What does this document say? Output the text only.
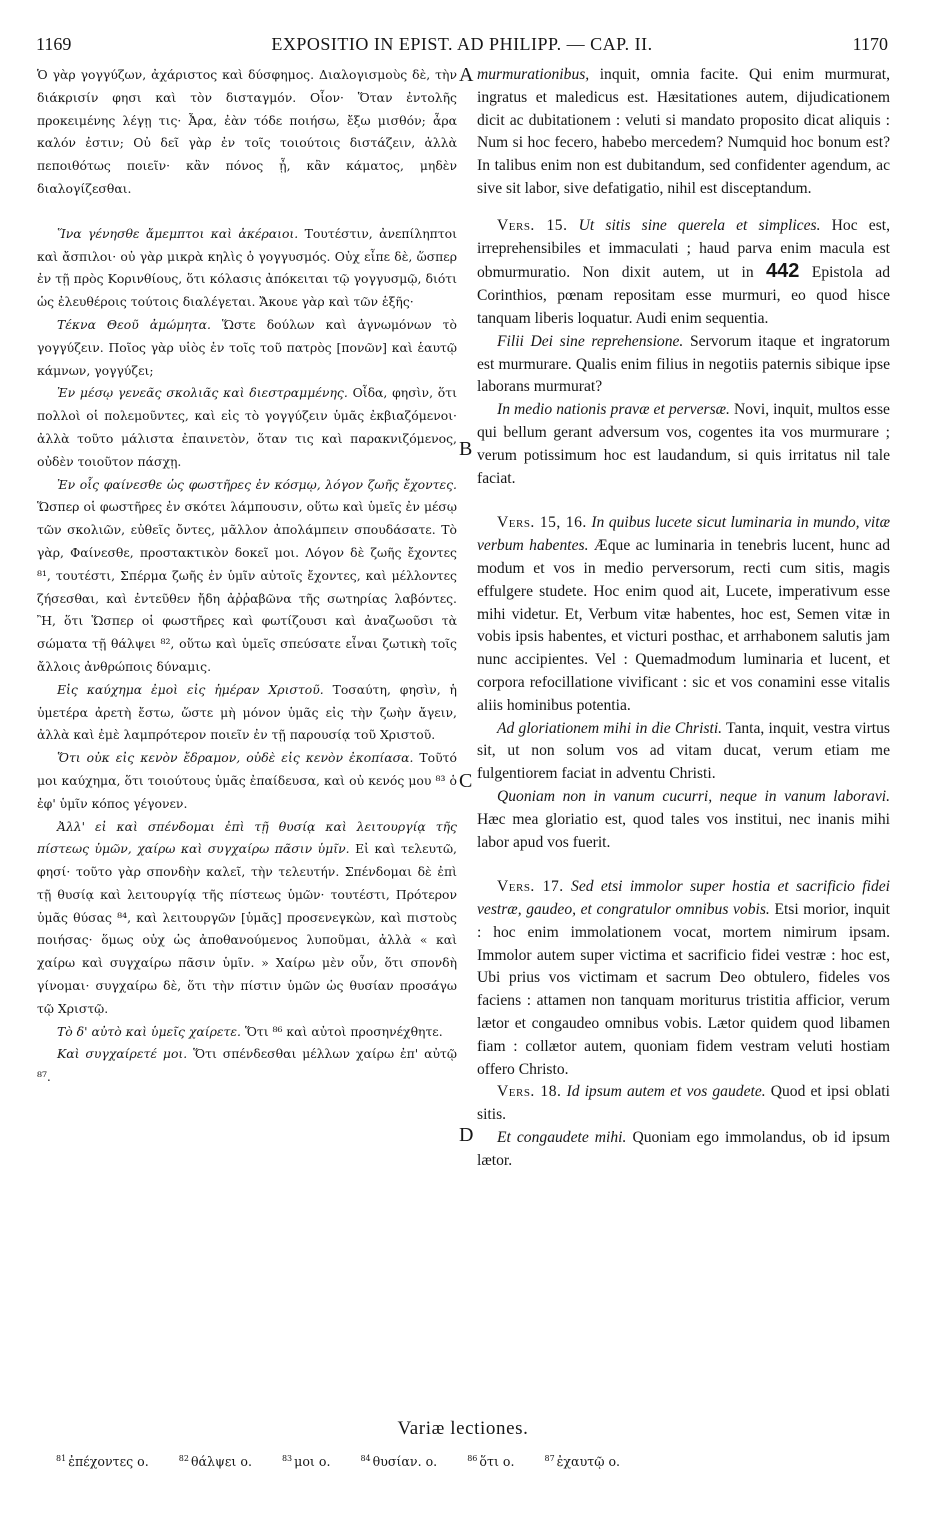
1169	EXPOSITIO IN EPIST. AD PHILIPP. — CAP. II.	1170
A
B
C
D

Ὁ γὰρ γογγύζων, ἀχάριστος καὶ δύσφημος. Διαλογισμοὺς δὲ, τὴν διάκρισίν φησι καὶ τὸν δισταγμόν. Οἷον· Ὅταν ἐντολῆς προκειμένης λέγῃ τις· Ἆρα, ἐὰν τόδε ποιήσω, ἔξω μισθόν; ἆρα καλόν ἐστιν; Οὐ δεῖ γὰρ ἐν τοῖς τοιούτοις διστάζειν, ἀλλὰ πεποιθότως ποιεῖν· κἂν πόνος ᾖ, κἂν κάματος, μηδὲν διαλογίζεσθαι.

Ἵνα γένησθε ἄμεμπτοι καὶ ἀκέραιοι. Τουτέστιν, ἀνεπίληπτοι καὶ ἄσπιλοι· οὐ γὰρ μικρὰ κηλὶς ὁ γογγυσμός. Οὐχ εἶπε δὲ, ὥσπερ ἐν τῇ πρὸς Κορινθίους, ὅτι κόλασις ἀπόκειται τῷ γογγυσμῷ, διότι ὡς ἐλευθέροις τούτοις διαλέγεται. Ἄκουε γὰρ καὶ τῶν ἑξῆς·

Τέκνα Θεοῦ ἀμώμητα. Ὥστε δούλων καὶ ἀγνωμόνων τὸ γογγύζειν. Ποῖος γὰρ υἱὸς ἐν τοῖς τοῦ πατρὸς [πονῶν] καὶ ἑαυτῷ κάμνων, γογγύζει;

Ἐν μέσῳ γενεᾶς σκολιᾶς καὶ διεστραμμένης. Οἶδα, φησὶν, ὅτι πολλοὶ οἱ πολεμοῦντες, καὶ εἰς τὸ γογγύζειν ὑμᾶς ἐκβιαζόμενοι· ἀλλὰ τοῦτο μάλιστα ἐπαινετὸν, ὅταν τις καὶ παρακνιζόμενος, οὐδὲν τοιοῦτον πάσχῃ.

Ἐν οἷς φαίνεσθε ὡς φωστῆρες ἐν κόσμῳ, λόγον ζωῆς ἔχοντες. Ὥσπερ οἱ φωστῆρες ἐν σκότει λάμπουσιν, οὕτω καὶ ὑμεῖς ἐν μέσῳ τῶν σκολιῶν, εὐθεῖς ὄντες, μᾶλλον ἀπολάμπειν σπουδάσατε. Τὸ γὰρ, Φαίνεσθε, προστακτικὸν δοκεῖ μοι. Λόγον δὲ ζωῆς ἔχοντες ⁸¹, τουτέστι, Σπέρμα ζωῆς ἐν ὑμῖν αὐτοῖς ἔχοντες, καὶ μέλλοντες ζήσεσθαι, καὶ ἐντεῦθεν ἤδη ἀῤῥαβῶνα τῆς σωτηρίας λαβόντες. Ἢ, ὅτι Ὥσπερ οἱ φωστῆρες καὶ φωτίζουσι καὶ ἀναζωοῦσι τὰ σώματα τῇ θάλψει ⁸², οὕτω καὶ ὑμεῖς σπεύσατε εἶναι ζωτικὴ τοῖς ἄλλοις ἀνθρώποις δύναμις.

Εἰς καύχημα ἐμοὶ εἰς ἡμέραν Χριστοῦ. Τοσαύτη, φησὶν, ἡ ὑμετέρα ἀρετὴ ἔστω, ὥστε μὴ μόνον ὑμᾶς εἰς τὴν ζωὴν ἄγειν, ἀλλὰ καὶ ἐμὲ λαμπρότερον ποιεῖν ἐν τῇ παρουσίᾳ τοῦ Χριστοῦ.

Ὅτι οὐκ εἰς κενὸν ἔδραμον, οὐδὲ εἰς κενὸν ἐκοπίασα. Τοῦτό μοι καύχημα, ὅτι τοιούτους ὑμᾶς ἐπαίδευσα, καὶ οὐ κενός μου ⁸³ ὁ ἐφ' ὑμῖν κόπος γέγονεν.

Ἀλλ' εἰ καὶ σπένδομαι ἐπὶ τῇ θυσίᾳ καὶ λειτουργίᾳ τῆς πίστεως ὑμῶν, χαίρω καὶ συγχαίρω πᾶσιν ὑμῖν. Εἰ καὶ τελευτῶ, φησί· τοῦτο γὰρ σπονδὴν καλεῖ, τὴν τελευτήν. Σπένδομαι δὲ ἐπὶ τῇ θυσίᾳ καὶ λειτουργίᾳ τῆς πίστεως ὑμῶν· τουτέστι, Πρότερον ὑμᾶς θύσας ⁸⁴, καὶ λειτουργῶν [ὑμᾶς] προσενεγκὼν, καὶ πιστοὺς ποιήσας· ὅμως οὐχ ὡς ἀποθανούμενος λυποῦμαι, ἀλλὰ « καὶ χαίρω καὶ συγχαίρω πᾶσιν ὑμῖν. » Χαίρω μὲν οὖν, ὅτι σπονδὴ γίνομαι· συγχαίρω δὲ, ὅτι τὴν πίστιν ὑμῶν ὡς θυσίαν προσάγω τῷ Χριστῷ.

Τὸ δ' αὐτὸ καὶ ὑμεῖς χαίρετε. Ὅτι ⁸⁶ καὶ αὐτοὶ προσηνέχθητε.

Καὶ συγχαίρετέ μοι. Ὅτι σπένδεσθαι μέλλων χαίρω ἐπ' αὐτῷ ⁸⁷.

murmurationibus, inquit, omnia facite. Qui enim murmurat, ingratus et maledicus est. Hæsitationes autem, dijudicationem dicit ac dubitationem : veluti si mandato proposito dicat aliquis : Num si hoc fecero, habebo mercedem? Numquid hoc bonum est? In talibus enim non est dubitandum, sed confidenter agendum, ac sive sit labor, sive defatigatio, nihil est disceptandum.

Vers. 15. Ut sitis sine querela et simplices. Hoc est, irreprehensibiles et immaculati ; haud parva enim macula est obmurmuratio. Non dixit autem, ut in 442 Epistola ad Corinthios, pœnam repositam esse murmuri, eo quod hisce tanquam liberis loquatur. Audi enim sequentia.

Filii Dei sine reprehensione. Servorum itaque et ingratorum est murmurare. Qualis enim filius in negotiis paternis sibique ipse laborans murmurat?

In medio nationis pravæ et perversæ. Novi, inquit, multos esse qui bellum gerant adversum vos, cogentes ita vos murmurare ; verum potissimum hoc est laudandum, si quis irritatus nil tale faciat.

Vers. 15, 16. In quibus lucete sicut luminaria in mundo, vitæ verbum habentes. Æque ac luminaria in tenebris lucent, hunc ad modum et vos in medio perversorum, recti cum sitis, magis effulgere studete. Hoc enim quod ait, Lucete, imperativum esse mihi videtur. Et, Verbum vitæ habentes, hoc est, Semen vitæ in vobis ipsis habentes, et victuri posthac, et arrhabonem salutis jam nunc accipientes. Vel : Quemadmodum luminaria et lucent, et corpora refocillatione vivificant : sic et vos conamini esse vitalis aliis hominibus potentia.

Ad gloriationem mihi in die Christi. Tanta, inquit, vestra virtus sit, ut non solum vos ad vitam ducat, verum etiam me fulgentiorem faciat in adventu Christi.

Quoniam non in vanum cucurri, neque in vanum laboravi. Hæc mea gloriatio est, quod tales vos institui, nec inanis mihi labor apud vos fuerit.

Vers. 17. Sed etsi immolor super hostia et sacrificio fidei vestræ, gaudeo, et congratulor omnibus vobis. Etsi morior, inquit : hoc enim immolationem vocat, mortem nimirum ipsam. Immolor autem super victima et sacrificio fidei vestræ : hoc est, Ubi prius vos victimam et sacrum Deo obtulero, fideles vos faciens : attamen non tanquam moriturus tristitia afficior, verum lætor et congaudeo omnibus vobis. Lætor quidem quod libamen fiam : collætor autem, quoniam fidem vestram veluti hostiam offero Christo.

Vers. 18. Id ipsum autem et vos gaudete. Quod et ipsi oblati sitis.

Et congaudete mihi. Quoniam ego immolandus, ob id ipsum lætor.

Variæ lectiones.
$^{81}$ ἐπέχοντες ο.	$^{82}$ θάλψει ο.	$^{83}$ μοι ο.	$^{84}$ θυσίαν. ο.	$^{86}$ ὅτι ο.	$^{87}$ ἐχαυτῷ ο.
